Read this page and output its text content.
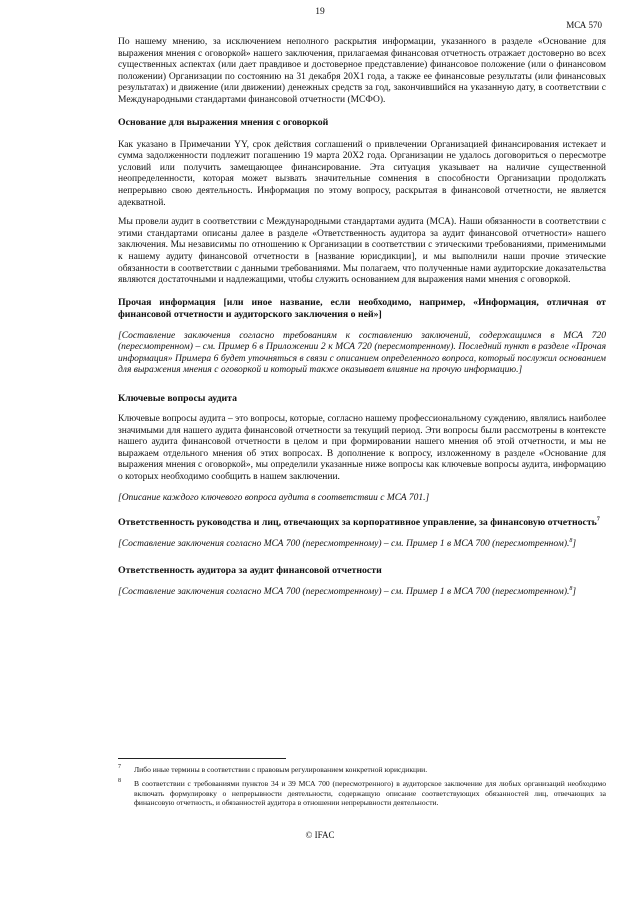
19
МСА 570

По нашему мнению, за исключением неполного раскрытия информации, указанного в разделе «Основание для выражения мнения с оговоркой» нашего заключения, прилагаемая финансовая отчетность отражает достоверно во всех существенных аспектах (или дает правдивое и достоверное представление) финансовое положение (или о финансовом положении) Организации по состоянию на 31 декабря 20X1 года, а также ее финансовые результаты (или финансовых результатах) и движение (или движении) денежных средств за год, закончившийся на указанную дату, в соответствии с Международными стандартами финансовой отчетности (МСФО).

Основание для выражения мнения с оговоркой

Как указано в Примечании YY, срок действия соглашений о привлечении Организацией финансирования истекает и сумма задолженности подлежит погашению 19 марта 20X2 года. Организации не удалось договориться о пересмотре условий или получить замещающее финансирование. Эта ситуация указывает на наличие существенной неопределенности, которая может вызвать значительные сомнения в способности Организации продолжать непрерывно свою деятельность. Информация по этому вопросу, раскрытая в финансовой отчетности, не является адекватной.

Мы провели аудит в соответствии с Международными стандартами аудита (МСА). Наши обязанности в соответствии с этими стандартами описаны далее в разделе «Ответственность аудитора за аудит финансовой отчетности» нашего заключения. Мы независимы по отношению к Организации в соответствии с этическими требованиями, применимыми к нашему аудиту финансовой отчетности в [название юрисдикции], и мы выполнили наши прочие этические обязанности в соответствии с данными требованиями. Мы полагаем, что полученные нами аудиторские доказательства являются достаточными и надлежащими, чтобы служить основанием для выражения нами мнения с оговоркой.

Прочая информация [или иное название, если необходимо, например, «Информация, отличная от финансовой отчетности и аудиторского заключения о ней»]
[Составление заключения согласно требованиям к составлению заключений, содержащимся в МСА 720 (пересмотренном) – см. Пример 6 в Приложении 2 к МСА 720 (пересмотренному). Последний пункт в разделе «Прочая информация» Примера 6 будет уточняться в связи с описанием определенного вопроса, который послужил основанием для выражения мнения с оговоркой и который также оказывает влияние на прочую информацию.]
Ключевые вопросы аудита

Ключевые вопросы аудита – это вопросы, которые, согласно нашему профессиональному суждению, являлись наиболее значимыми для нашего аудита финансовой отчетности за текущий период. Эти вопросы были рассмотрены в контексте нашего аудита финансовой отчетности в целом и при формировании нашего мнения об этой отчетности, и мы не выражаем отдельного мнения об этих вопросах. В дополнение к вопросу, изложенному в разделе «Основание для выражения мнения с оговоркой», мы определили указанные ниже вопросы как ключевые вопросы аудита, информацию о которых необходимо сообщить в нашем заключении.

[Описание каждого ключевого вопроса аудита в соответствии с МСА 701.]
Ответственность руководства и лиц, отвечающих за корпоративное управление, за финансовую отчетность$^7$
[Составление заключения согласно МСА 700 (пересмотренному) – см. Пример 1 в МСА 700 (пересмотренном).$^8$]
Ответственность аудитора за аудит финансовой отчетности
[Составление заключения согласно МСА 700 (пересмотренному) – см. Пример 1 в МСА 700 (пересмотренном).$^8$]
7 Либо иные термины в соответствии с правовым регулированием конкретной юрисдикции.
8 В соответствии с требованиями пунктов 34 и 39 МСА 700 (пересмотренного) в аудиторское заключение для любых организаций необходимо включать формулировку о непрерывности деятельности, содержащую описание соответствующих обязанностей лиц, отвечающих за финансовую отчетность, и обязанностей аудитора в отношении непрерывности деятельности.
© IFAC
